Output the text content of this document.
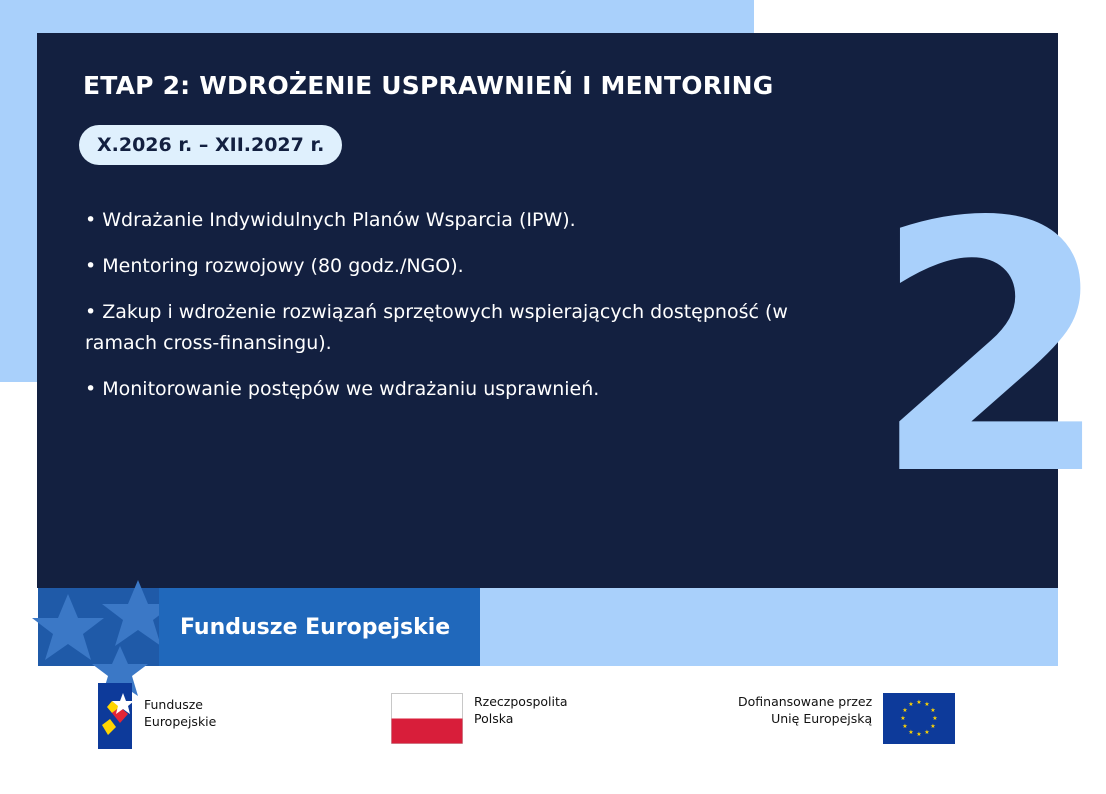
ETAP 2: WDROŻENIE USPRAWNIEŃ I MENTORING
X.2026 r. – XII.2027 r.
• Wdrażanie Indywidulnych Planów Wsparcia (IPW).
• Mentoring rozwojowy (80 godz./NGO).
• Zakup i wdrożenie rozwiązań sprzętowych wspierających dostępność (w ramach cross-finansingu).
• Monitorowanie postępów we wdrażaniu usprawnień. 2
Fundusze Europejskie
Fundusze
Europejskie
Rzeczpospolita
Polska
Dofinansowane przez
Unię Europejską
★ ★
★
★
★
★
★
★
★
★
★
★
